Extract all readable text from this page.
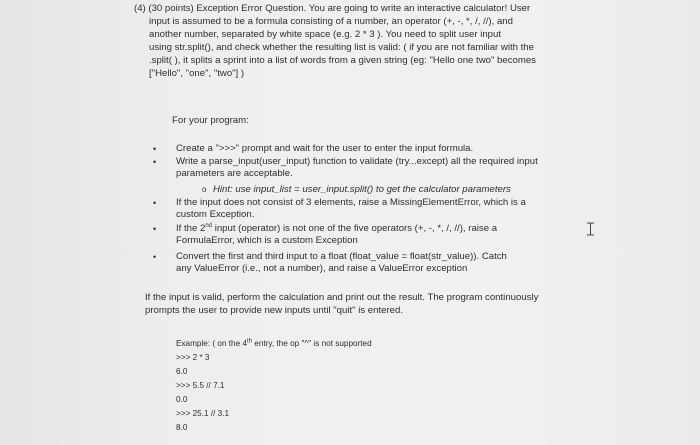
(4) (30 points) Exception Error Question. You are going to write an interactive calculator! User
input is assumed to be a formula consisting of a number, an operator (+, -, *, /, //), and
another number, separated by white space (e.g. 2 * 3 ). You need to split user input
using str.split(), and check whether the resulting list is valid: ( if you are not familiar with the
.split( ), it splits a sprint into a list of words from a given string (eg: "Hello one two" becomes
["Hello", "one", "two"] )
For your program:
• Create a ">>>" prompt and wait for the user to enter the input formula.
• Write a parse_input(user_input) function to validate (try...except) all the required input
parameters are acceptable.
o Hint: use input_list = user_input.split() to get the calculator parameters
• If the input does not consist of 3 elements, raise a MissingElementError, which is a
custom Exception.
• If the 2nd input (operator) is not one of the five operators (+, -, *, /, //), raise a
FormulaError, which is a custom Exception
• Convert the first and third input to a float (float_value = float(str_value)). Catch
any ValueError (i.e., not a number), and raise a ValueError exception
If the input is valid, perform the calculation and print out the result. The program continuously
prompts the user to provide new inputs until "quit" is entered.
Example: ( on the 4th entry, the op "^" is not supported
>>> 2 * 3
6.0
>>> 5.5 // 7.1
0.0
>>> 25.1 // 3.1
8.0
